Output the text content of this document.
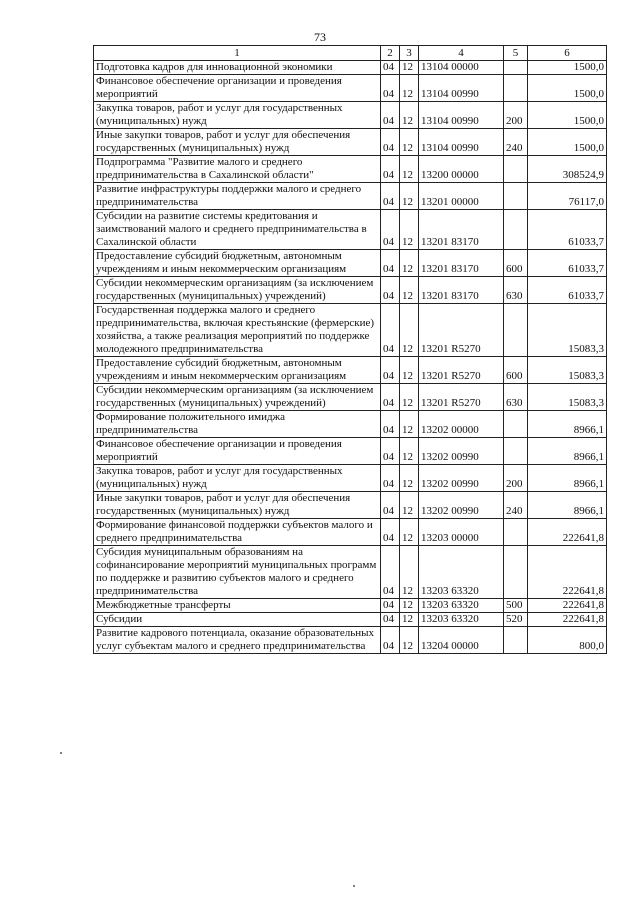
73
1	2	3	4	5	6
Подготовка кадров для инновационной экономики	04	12	13104 00000		1500,0
Финансовое обеспечение организации и проведения мероприятий	04	12	13104 00990		1500,0
Закупка товаров, работ и услуг для государственных (муниципальных) нужд	04	12	13104 00990	200	1500,0
Иные закупки товаров, работ и услуг для обеспечения государственных (муниципальных) нужд	04	12	13104 00990	240	1500,0
Подпрограмма "Развитие малого и среднего предпринимательства в Сахалинской области"	04	12	13200 00000		308524,9
Развитие инфраструктуры поддержки малого и среднего предпринимательства	04	12	13201 00000		76117,0
Субсидии на развитие системы кредитования и заимствований малого и среднего предпринимательства в Сахалинской области	04	12	13201 83170		61033,7
Предоставление субсидий бюджетным, автономным учреждениям и иным некоммерческим организациям	04	12	13201 83170	600	61033,7
Субсидии некоммерческим организациям (за исключением государственных (муниципальных) учреждений)	04	12	13201 83170	630	61033,7
Государственная поддержка малого и среднего предпринимательства, включая крестьянские (фермерские) хозяйства, а также реализация мероприятий по поддержке молодежного предпринимательства	04	12	13201 R5270		15083,3
Предоставление субсидий бюджетным, автономным учреждениям и иным некоммерческим организациям	04	12	13201 R5270	600	15083,3
Субсидии некоммерческим организациям (за исключением государственных (муниципальных) учреждений)	04	12	13201 R5270	630	15083,3
Формирование положительного имиджа предпринимательства	04	12	13202 00000		8966,1
Финансовое обеспечение организации и проведения мероприятий	04	12	13202 00990		8966,1
Закупка товаров, работ и услуг для государственных (муниципальных) нужд	04	12	13202 00990	200	8966,1
Иные закупки товаров, работ и услуг для обеспечения государственных (муниципальных) нужд	04	12	13202 00990	240	8966,1
Формирование финансовой поддержки субъектов малого и среднего предпринимательства	04	12	13203 00000		222641,8
Субсидия муниципальным образованиям на софинансирование мероприятий муниципальных программ по поддержке и развитию субъектов малого и среднего предпринимательства	04	12	13203 63320		222641,8
Межбюджетные трансферты	04	12	13203 63320	500	222641,8
Субсидии	04	12	13203 63320	520	222641,8
Развитие кадрового потенциала, оказание образовательных услуг субъектам малого и среднего предпринимательства	04	12	13204 00000		800,0
